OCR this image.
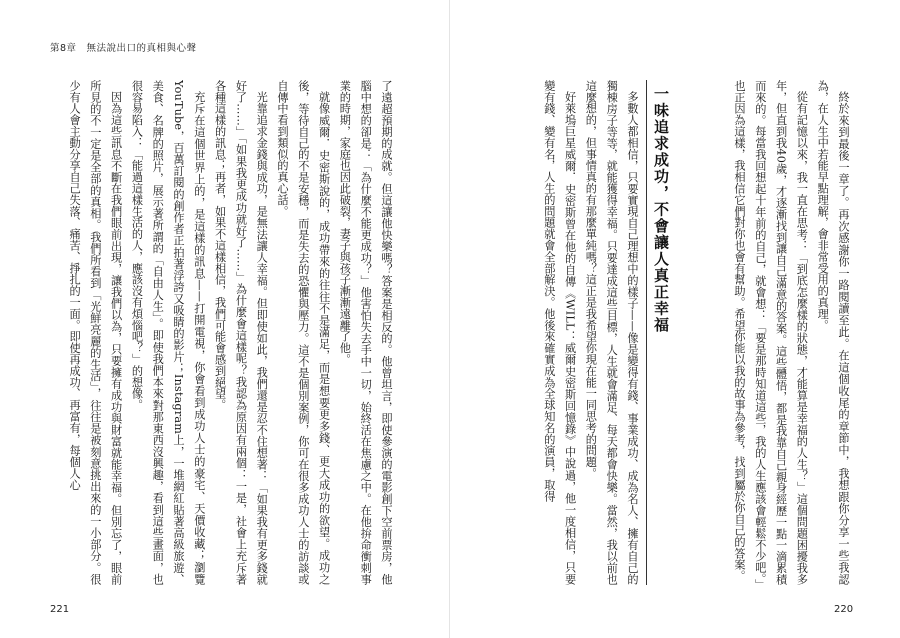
第8章　無法說出口的真相與心聲

了遠超預期的成就。但這讓他快樂嗎？答案是相反的。他曾坦言，即使參演的電影創下空前票房，他腦中想的卻是：「為什麼不能更成功？」他害怕失去手中一切，始終活在焦慮之中。在他拚命衝刺事業的時期，家庭也因此破裂，妻子與孩子漸漸遠離了他。

就像威爾．史密斯說的，成功帶來的往往不是滿足，而是想要更多錢、更大成功的欲望。成功之後，等待自己的不是安穩，而是失去的恐懼與壓力。這不是個別案例，你可在很多成功人士的訪談或自傳中看到類似的真心話。

光靠追求金錢與成功，是無法讓人幸福。但即使如此，我們還是忍不住想著：「如果我有更多錢就好了……」「如果我更成功就好了……」為什麼會這樣呢？我認為原因有兩個：一是，社會上充斥著各種這樣的訊息；再者，如果不這樣相信，我們可能會感到絕望。

充斥在這個世界上的，是這樣的訊息——打開電視，你會看到成功人士的豪宅、天價收藏；瀏覽YouTube，百萬訂閱的創作者正拍著浮誇又吸睛的影片；Instagram上，一堆網紅貼著高級旅遊、美食、名牌的照片，展示著所謂的「自由人生」。即使我們本來對那東西沒興趣，看到這些畫面，也很容易陷入：「能過這樣生活的人，應該沒有煩惱吧？」的想像。

因為這些訊息不斷在我們眼前出現，讓我們以為，只要擁有成功與財富就能幸福。但別忘了，眼前所見的不一定是全部的真相。我們所看到「光鮮亮麗的生活」，往往是被刻意挑出來的一小部分。很少有人會主動分享自己失落、痛苦、掙扎的一面。即使再成功、再富有，每個人心

221

終於來到最後一章了。再次感謝你一路閱讀至此。在這個收尾的章節中，我想跟你分享一些我認為，在人生中若能早點理解，會非常受用的真理。

從有記憶以來，我一直在思考：「到底怎麼樣的狀態，才能算是幸福的人生？」這個問題困擾我多年，但直到我40歲，才逐漸找到讓自己滿意的答案。這些體悟，都是我靠自己親身經歷一點一滴累積而來的。每當我回想起十年前的自己，就會想：「要是那時知道這些，我的人生應該會輕鬆不少吧。」也正因為這樣，我相信它們對你也會有幫助。希望你能以我的故事為參考，找到屬於你自己的答案。

一味追求成功，不會讓人真正幸福

多數人都相信，只要實現自己理想中的樣子——像是變得有錢、事業成功、成為名人、擁有自己的獨棟房子等等，就能獲得幸福。只要達成這些目標，人生就會滿足、每天都會快樂。當然，我以前也這麼想的，但事情真的有那麼單純嗎？這正是我希望你現在能一同思考的問題。

好萊塢巨星威爾．史密斯曾在他的自傳《WILL：威爾史密斯回憶錄》中說過，他一度相信，只要變有錢、變有名，人生的問題就會全部解決。他後來確實成為全球知名的演員，取得

220
